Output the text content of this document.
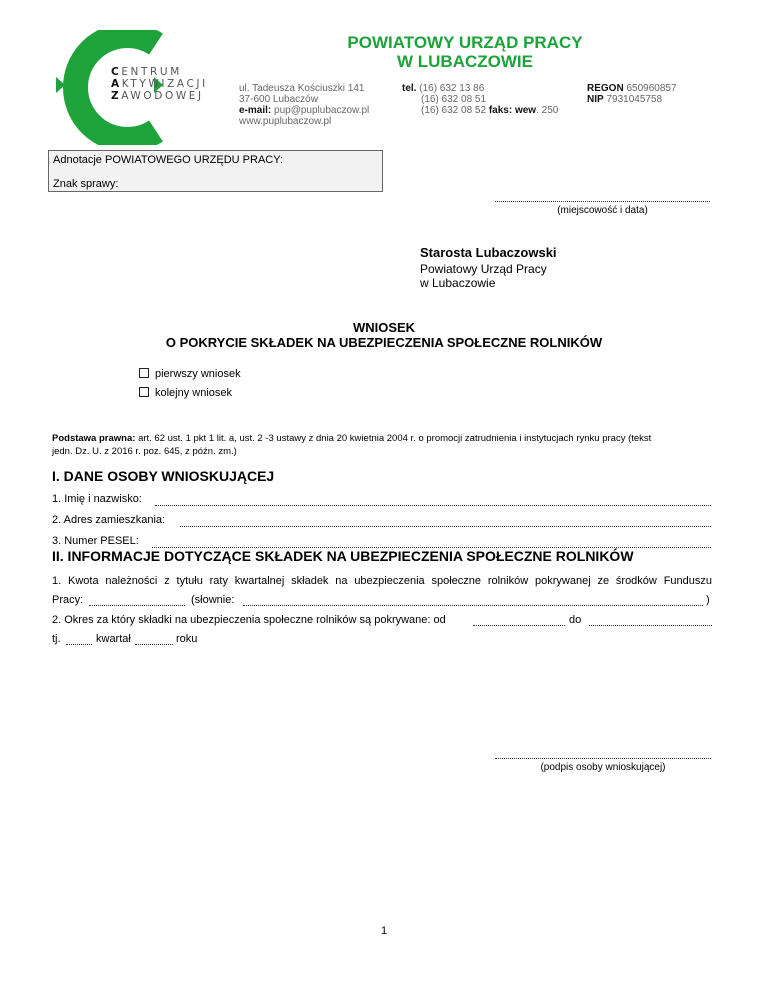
CENTRUM
AKTYWIZACJI
ZAWODOWEJ
POWIATOWY URZĄD PRACY
W LUBACZOWIE
ul. Tadeusza Kościuszki 141
37-600 Lubaczów
e-mail: pup@puplubaczow.pl
www.puplubaczow.pl
tel. (16) 632 13 86
(16) 632 08 51
(16) 632 08 52 faks: wew. 250
REGON 650960857
NIP 7931045758
Adnotacje POWIATOWEGO URZĘDU PRACY:
Znak sprawy:
(miejscowość i data)
Starosta Lubaczowski
Powiatowy Urząd Pracy
w Lubaczowie
WNIOSEK
O POKRYCIE SKŁADEK NA UBEZPIECZENIA SPOŁECZNE ROLNIKÓW
pierwszy wniosek
kolejny wniosek
Podstawa prawna: art. 62 ust. 1 pkt 1 lit. a, ust. 2 -3 ustawy z dnia 20 kwietnia 2004 r. o promocji zatrudnienia i instytucjach rynku pracy (tekst
jedn. Dz. U. z 2016 r. poz. 645, z późn. zm.)
I. DANE OSOBY WNIOSKUJĄCEJ
1. Imię i nazwisko:
2. Adres zamieszkania:
3. Numer PESEL:
II. INFORMACJE DOTYCZĄCE SKŁADEK NA UBEZPIECZENIA SPOŁECZNE ROLNIKÓW
1. Kwota należności z tytułu raty kwartalnej składek na ubezpieczenia społeczne rolników pokrywanej ze środków Funduszu
Pracy:	(słownie:	)
2. Okres za który składki na ubezpieczenia społeczne rolników są pokrywane: od	do
tj.	kwartał	roku
(podpis osoby wnioskującej)
1
